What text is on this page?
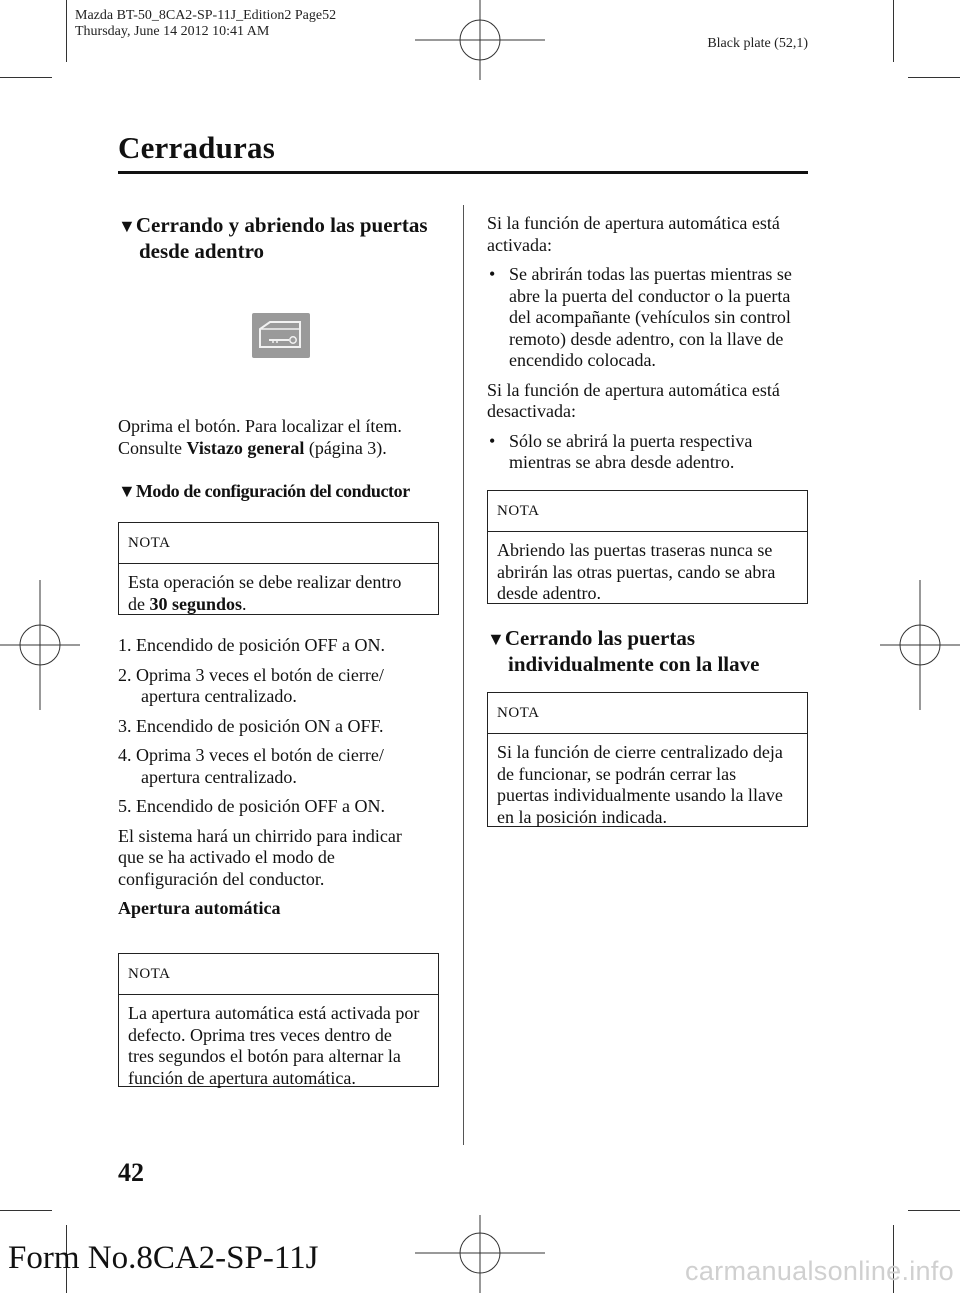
Mazda BT-50_8CA2-SP-11J_Edition2 Page52
Thursday, June 14 2012 10:41 AM
Black plate (52,1)
Cerraduras
▼Cerrando y abriendo las puertas
desde adentro
Oprima el botón. Para localizar el ítem.
Consulte Vistazo general (página 3).
▼Modo de configuración del conductor
NOTA
Esta operación se debe realizar dentro
de 30 segundos.
1. Encendido de posición OFF a ON.
2. Oprima 3 veces el botón de cierre/
apertura centralizado.
3. Encendido de posición ON a OFF.
4. Oprima 3 veces el botón de cierre/
apertura centralizado.
5. Encendido de posición OFF a ON.
El sistema hará un chirrido para indicar
que se ha activado el modo de
configuración del conductor.
Apertura automática
NOTA
La apertura automática está activada por
defecto. Oprima tres veces dentro de
tres segundos el botón para alternar la
función de apertura automática.
Si la función de apertura automática está
activada:
• Se abrirán todas las puertas mientras se
abre la puerta del conductor o la puerta
del acompañante (vehículos sin control
remoto) desde adentro, con la llave de
encendido colocada.
Si la función de apertura automática está
desactivada:
• Sólo se abrirá la puerta respectiva
mientras se abra desde adentro.
NOTA
Abriendo las puertas traseras nunca se
abrirán las otras puertas, cando se abra
desde adentro.
▼Cerrando las puertas
individualmente con la llave
NOTA
Si la función de cierre centralizado deja
de funcionar, se podrán cerrar las
puertas individualmente usando la llave
en la posición indicada.
42
Form No.8CA2-SP-11J	carmanualsonline.info
